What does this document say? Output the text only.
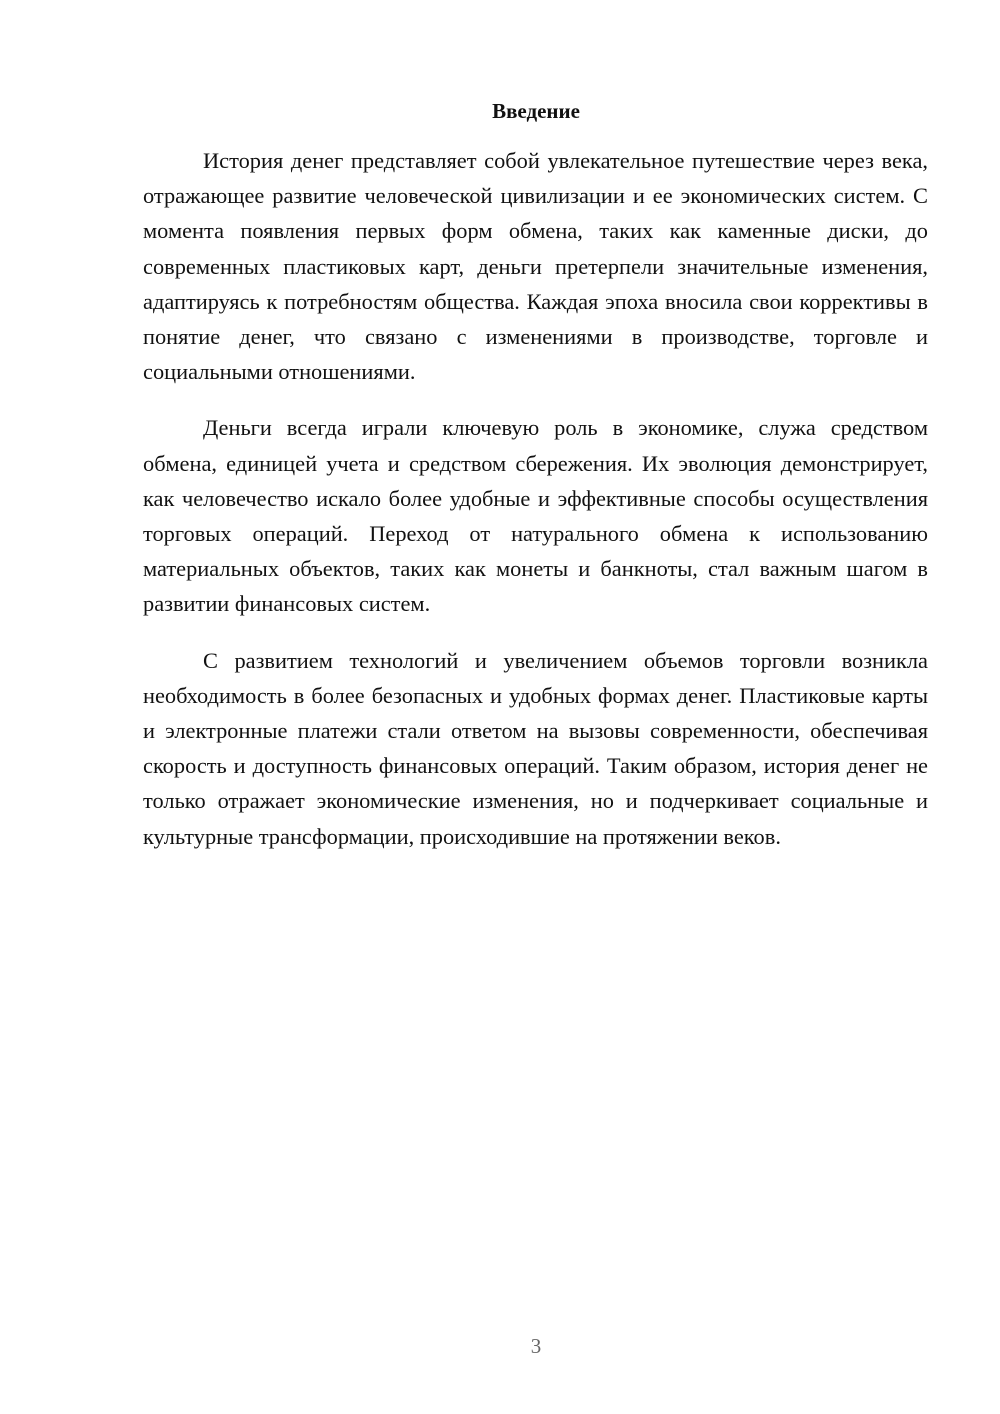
Введение

История денег представляет собой увлекательное путешествие через века, отражающее развитие человеческой цивилизации и ее экономических систем. С момента появления первых форм обмена, таких как каменные диски, до современных пластиковых карт, деньги претерпели значительные изменения, адаптируясь к потребностям общества. Каждая эпоха вносила свои коррективы в понятие денег, что связано с изменениями в производстве, торговле и социальными отношениями.

Деньги всегда играли ключевую роль в экономике, служа средством обмена, единицей учета и средством сбережения. Их эволюция демонстрирует, как человечество искало более удобные и эффективные способы осуществления торговых операций. Переход от натурального обмена к использованию материальных объектов, таких как монеты и банкноты, стал важным шагом в развитии финансовых систем.

С развитием технологий и увеличением объемов торговли возникла необходимость в более безопасных и удобных формах денег. Пластиковые карты и электронные платежи стали ответом на вызовы современности, обеспечивая скорость и доступность финансовых операций. Таким образом, история денег не только отражает экономические изменения, но и подчеркивает социальные и культурные трансформации, происходившие на протяжении веков.

3
